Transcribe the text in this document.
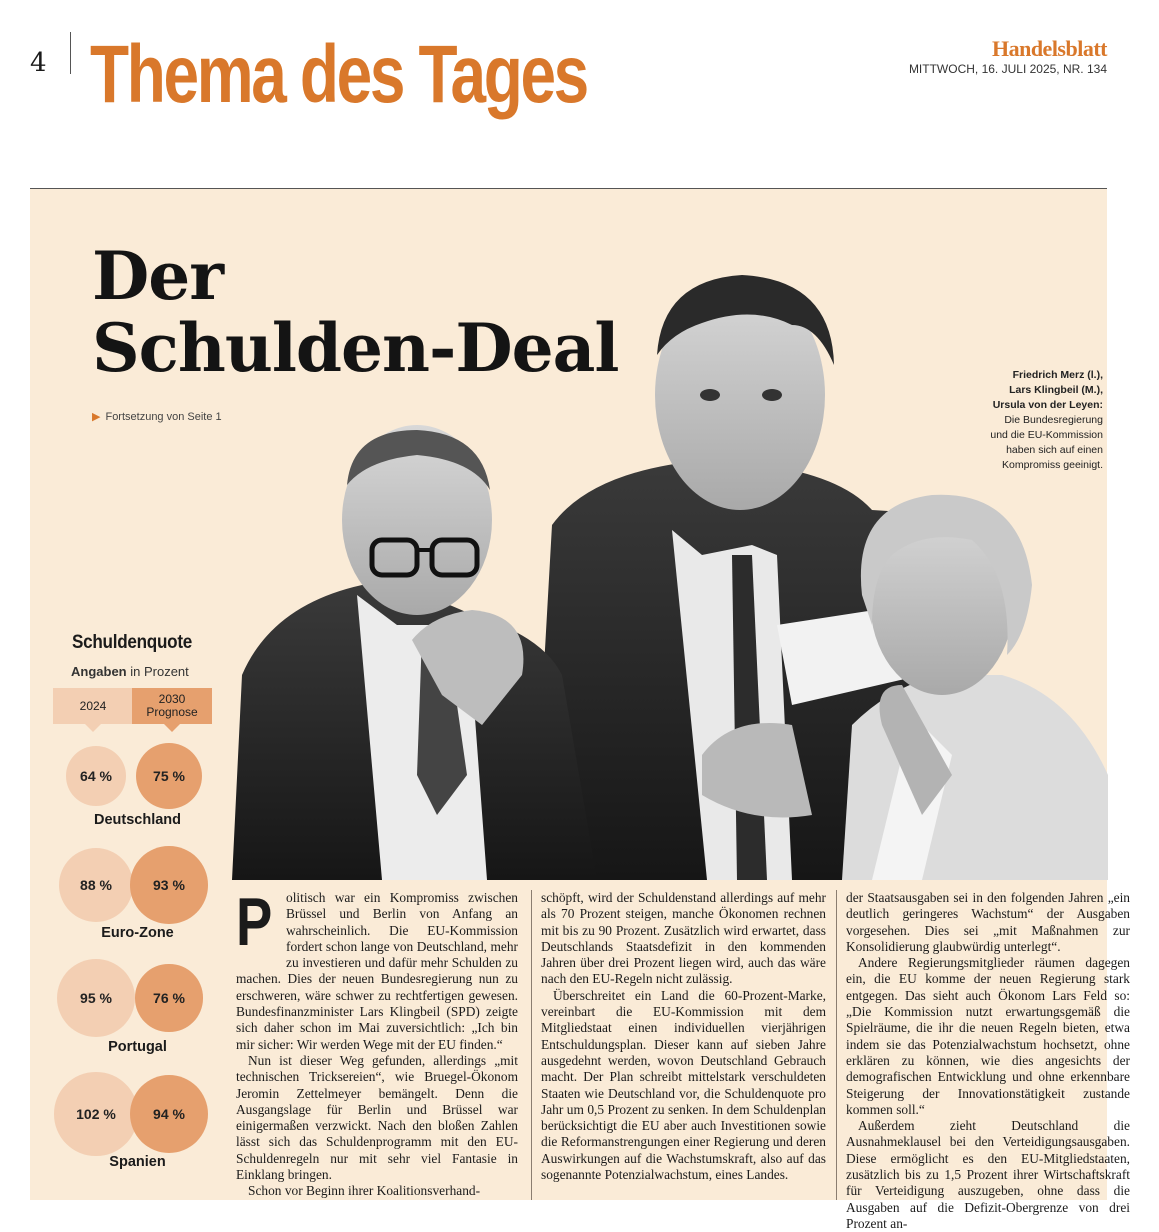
4 Thema des Tages	Handelsblatt
MITTWOCH, 16. JULI 2025, NR. 134
Der
Schulden-Deal
▶ Fortsetzung von Seite 1
Friedrich Merz (l.),
Lars Klingbeil (M.),
Ursula von der Leyen:
Die Bundesregierung
und die EU-Kommission
haben sich auf einen
Kompromiss geeinigt.
Schuldenquote
Angaben in Prozent
2024	2030
Prognose
64 %	75 %
Deutschland
88 %	93 %
Euro-Zone
95 %	76 %
Portugal
102 %	94 %
Spanien
P	olitisch war ein Kompromiss zwischen Brüssel und Berlin von Anfang an wahrscheinlich. Die EU-Kommission fordert schon lange von Deutschland, mehr zu investieren und dafür mehr Schulden zu machen. Dies der neuen Bundesregierung nun zu erschweren, wäre schwer zu rechtfertigen gewesen. Bundesfinanzminister Lars Klingbeil (SPD) zeigte sich daher schon im Mai zuversichtlich: „Ich bin mir sicher: Wir werden Wege mit der EU finden.“

Nun ist dieser Weg gefunden, allerdings „mit technischen Tricksereien“, wie Bruegel-Ökonom Jeromin Zettelmeyer bemängelt. Denn die Ausgangslage für Berlin und Brüssel war einigermaßen verzwickt. Nach den bloßen Zahlen lässt sich das Schuldenprogramm mit den EU-Schuldenregeln nur mit sehr viel Fantasie in Einklang bringen.

Schon vor Beginn ihrer Koalitionsverhand-

schöpft, wird der Schuldenstand allerdings auf mehr als 70 Prozent steigen, manche Ökonomen rechnen mit bis zu 90 Prozent. Zusätzlich wird erwartet, dass Deutschlands Staatsdefizit in den kommenden Jahren über drei Prozent liegen wird, auch das wäre nach den EU-Regeln nicht zulässig.

Überschreitet ein Land die 60-Prozent-Marke, vereinbart die EU-Kommission mit dem Mitgliedstaat einen individuellen vierjährigen Entschuldungsplan. Dieser kann auf sieben Jahre ausgedehnt werden, wovon Deutschland Gebrauch macht. Der Plan schreibt mittelstark verschuldeten Staaten wie Deutschland vor, die Schuldenquote pro Jahr um 0,5 Prozent zu senken. In dem Schuldenplan berücksichtigt die EU aber auch Investitionen sowie die Reformanstrengungen einer Regierung und deren Auswirkungen auf die Wachstumskraft, also auf das sogenannte Potenzialwachstum, eines Landes.

der Staatsausgaben sei in den folgenden Jahren „ein deutlich geringeres Wachstum“ der Ausgaben vorgesehen. Dies sei „mit Maßnahmen zur Konsolidierung glaubwürdig unterlegt“.

Andere Regierungsmitglieder räumen dagegen ein, die EU komme der neuen Regierung stark entgegen. Das sieht auch Ökonom Lars Feld so: „Die Kommission nutzt erwartungsgemäß die Spielräume, die ihr die neuen Regeln bieten, etwa indem sie das Potenzialwachstum hochsetzt, ohne erklären zu können, wie dies angesichts der demografischen Entwicklung und ohne erkennbare Steigerung der Innovationstätigkeit zustande kommen soll.“

Außerdem zieht Deutschland die Ausnahmeklausel bei den Verteidigungsausgaben. Diese ermöglicht es den EU-Mitgliedstaaten, zusätzlich bis zu 1,5 Prozent ihrer Wirtschaftskraft für Verteidigung auszugeben, ohne dass die Ausgaben auf die Defizit-Obergrenze von drei Prozent an-
